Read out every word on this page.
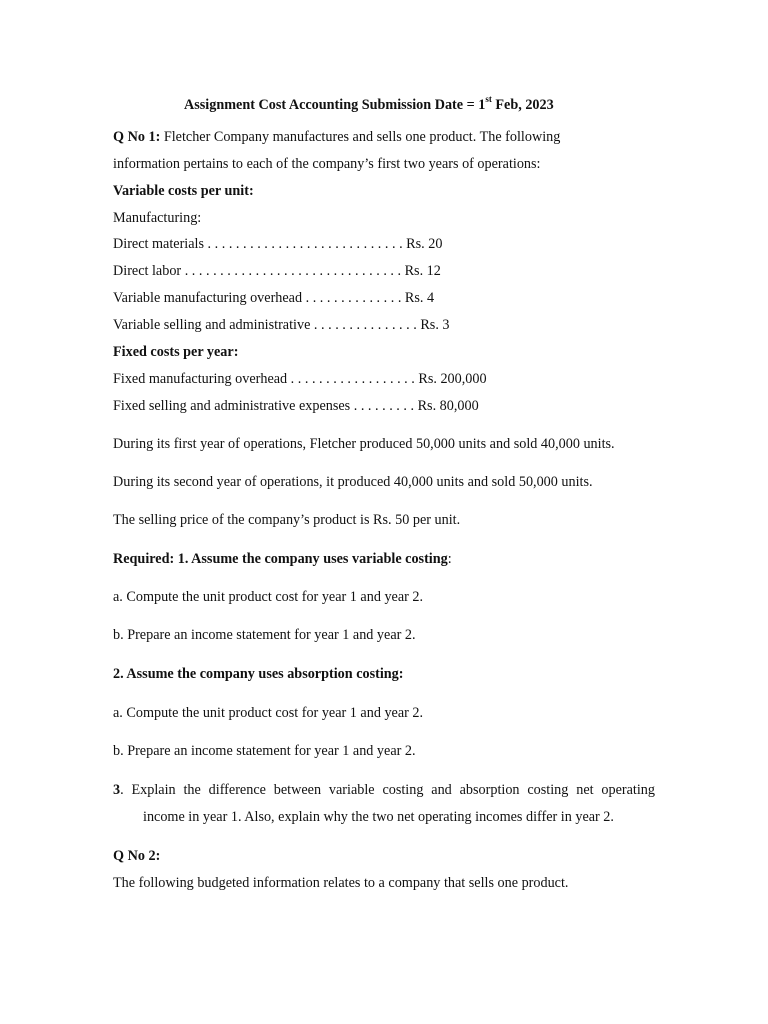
Assignment Cost Accounting Submission Date = 1st Feb, 2023
Q No 1: Fletcher Company manufactures and sells one product. The following
information pertains to each of the company’s first two years of operations:
Variable costs per unit:
Manufacturing:
Direct materials . . . . . . . . . . . . . . . . . . . . . . . . . . . . Rs. 20
Direct labor . . . . . . . . . . . . . . . . . . . . . . . . . . . . . . . Rs. 12
Variable manufacturing overhead . . . . . . . . . . . . . . Rs. 4
Variable selling and administrative . . . . . . . . . . . . . . . Rs. 3
Fixed costs per year:
Fixed manufacturing overhead . . . . . . . . . . . . . . . . . . Rs. 200,000
Fixed selling and administrative expenses . . . . . . . . . Rs. 80,000
During its first year of operations, Fletcher produced 50,000 units and sold 40,000 units.
During its second year of operations, it produced 40,000 units and sold 50,000 units.
The selling price of the company’s product is Rs. 50 per unit.
Required: 1. Assume the company uses variable costing:
a. Compute the unit product cost for year 1 and year 2.
b. Prepare an income statement for year 1 and year 2.
2. Assume the company uses absorption costing:
a. Compute the unit product cost for year 1 and year 2.
b. Prepare an income statement for year 1 and year 2.
3. Explain the difference between variable costing and absorption costing net operating
income in year 1. Also, explain why the two net operating incomes differ in year 2.
Q No 2:
The following budgeted information relates to a company that sells one product.
